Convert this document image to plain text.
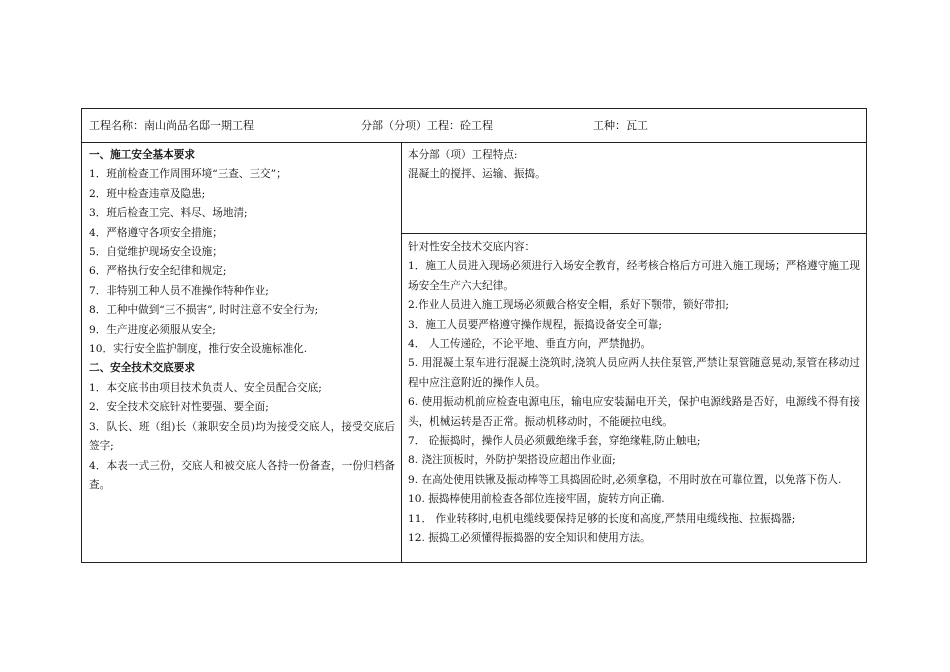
工程名称：南山尚品名邸一期工程	分部（分项）工程：砼工程	工种：瓦工
一、施工安全基本要求
1．班前检查工作周围环境“三查、三交”；
2．班中检查违章及隐患;
3．班后检查工完、料尽、场地清;
4．严格遵守各项安全措施；
5．自觉维护现场安全设施；
6．严格执行安全纪律和规定;
7．非特别工种人员不准操作特种作业;
8．工种中做到“三不损害”, 时时注意不安全行为;
9．生产进度必须服从安全;
10．实行安全监护制度，推行安全设施标准化.
二、安全技术交底要求
1．本交底书由项目技术负责人、安全员配合交底;
2．安全技术交底针对性要强、要全面;
3．队长、班（组)长（兼职安全员)均为接受交底人，接受交底后签字;
4．本表一式三份，交底人和被交底人各持一份备查，一份归档备查。
本分部（项）工程特点:
混凝土的搅拌、运输、振捣。
针对性安全技术交底内容：
1．施工人员进入现场必须进行入场安全教育，经考核合格后方可进入施工现场；严格遵守施工现场安全生产六大纪律。
2.作业人员进入施工现场必须戴合格安全帽，系好下颚带，锁好带扣;
3．施工人员要严格遵守操作规程，振捣设备安全可靠;
4． 人工传递砼，不论平地、垂直方向，严禁抛扔。
5. 用混凝土泵车进行混凝土浇筑时,浇筑人员应两人扶住泵管,严禁让泵管随意晃动,泵管在移动过程中应注意附近的操作人员。
6. 使用振动机前应检查电源电压，输电应安装漏电开关，保护电源线路是否好，电源线不得有接头，机械运转是否正常。振动机移动时，不能硬拉电线。
7． 砼振捣时，操作人员必须戴绝缘手套，穿绝缘鞋,防止触电;
8. 浇注顶板时，外防护架搭设应超出作业面;
9. 在高处使用铁锹及振动棒等工具捣固砼时,必须拿稳，不用时放在可靠位置，以免落下伤人.
10. 振捣棒使用前检查各部位连接牢固，旋转方向正确.
11． 作业转移时,电机电缆线要保持足够的长度和高度,严禁用电缆线拖、拉振捣器;
12. 振捣工必须懂得振捣器的安全知识和使用方法。
